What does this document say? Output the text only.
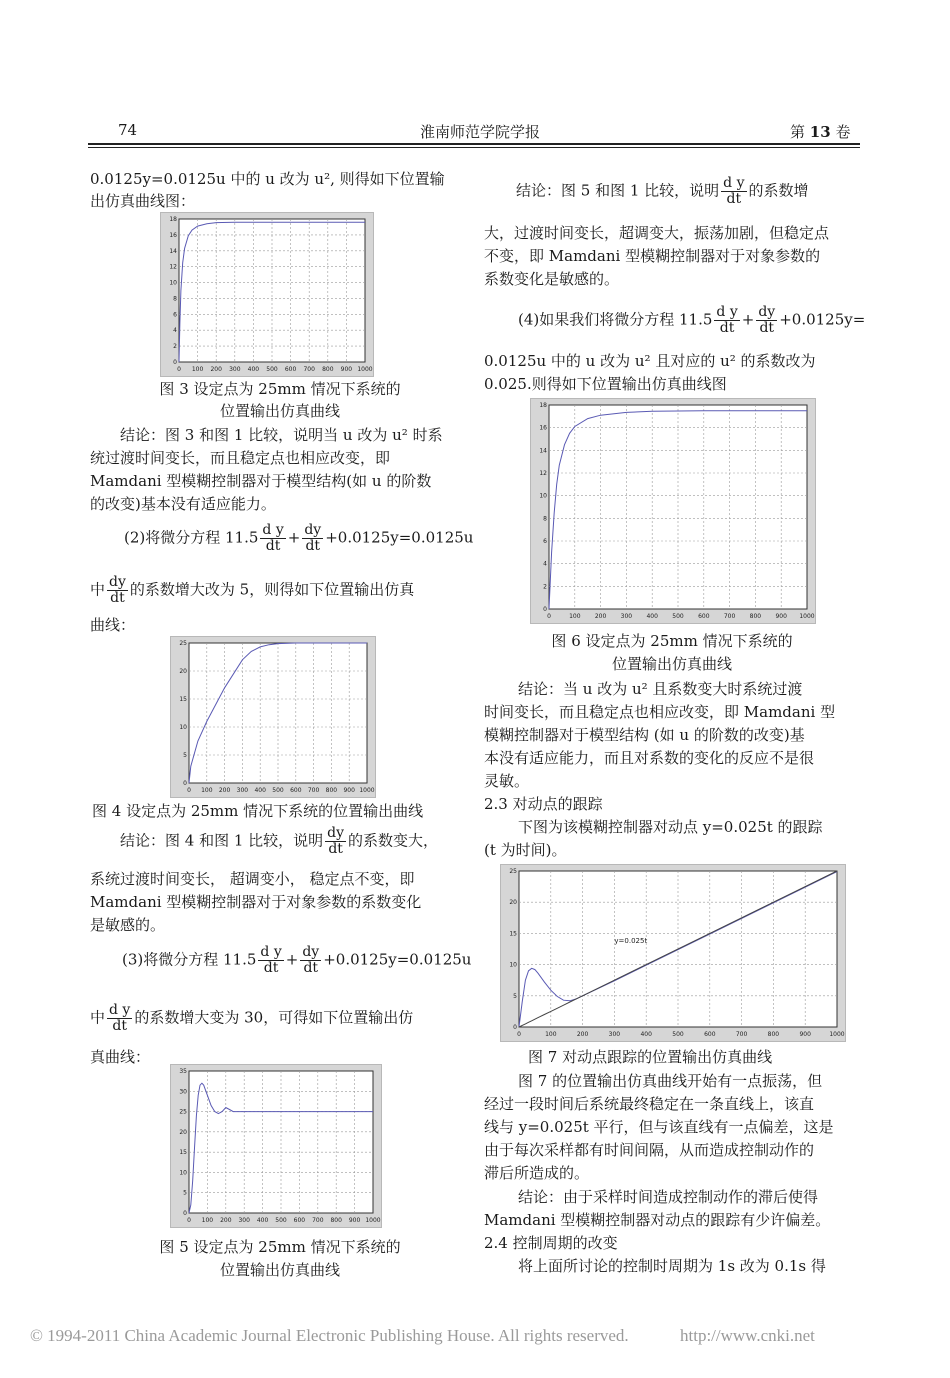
74	淮南师范学院学报	第 13 卷
0.0125y=0.0125u 中的 u 改为 u², 则得如下位置输
出仿真曲线图：
0 100 200 300 400 500 600 700 800 900 1000
0
2
4
6
8
10
12
14
16
18
图 3 设定点为 25mm 情况下系统的
位置输出仿真曲线
结论：图 3 和图 1 比较，说明当 u 改为 u² 时系
统过渡时间变长，而且稳定点也相应改变，即
Mamdani 型模糊控制器对于模型结构(如 u 的阶数
的改变)基本没有适应能力。
(2)将微分方程 $11.5 \frac{\text{d y}}{dt} + \frac{dy}{dt} +0.0125y=0.0125u$
中 $\frac{dy}{dt}$ 的系数增大改为 5，则得如下位置输出仿真
曲线：
0 100 200 300 400 500 600 700 800 900 1000
0
5
10
15
20
25
图 4 设定点为 25mm 情况下系统的位置输出曲线
结论：图 4 和图 1 比较，说明 $\frac{dy}{dt}$ 的系数变大，
系统过渡时间变长， 超调变小， 稳定点不变，即
Mamdani 型模糊控制器对于对象参数的系数变化
是敏感的。
(3)将微分方程 $11.5 \frac{\text{d y}}{dt} + \frac{dy}{dt} +0.0125y=0.0125u$
中 $\frac{\text{d y}}{dt}$ 的系数增大变为 30，可得如下位置输出仿
真曲线：
0 100 200 300 400 500 600 700 800 900 1000
0
5
10
15
20
25
30
35
图 5 设定点为 25mm 情况下系统的
位置输出仿真曲线
结论：图 5 和图 1 比较，说明 $\frac{\text{d y}}{dt}$ 的系数增
大，过渡时间变长，超调变大，振荡加剧，但稳定点
不变，即 Mamdani 型模糊控制器对于对象参数的
系数变化是敏感的。
(4)如果我们将微分方程 $11.5 \frac{\text{d y}}{dt} + \frac{dy}{dt} +0.0125y=$
0.0125u 中的 u 改为 u² 且对应的 u² 的系数改为
0.025.则得如下位置输出仿真曲线图
0	100 200 300 400 500 600 700 800 900 1000
0
2
4
6
8
10
12
14
16
18
图 6 设定点为 25mm 情况下系统的
位置输出仿真曲线
结论：当 u 改为 u² 且系数变大时系统过渡
时间变长，而且稳定点也相应改变，即 Mamdani 型
模糊控制器对于模型结构 (如 u 的阶数的改变)基
本没有适应能力，而且对系数的变化的反应不是很
灵敏。
2.3 对动点的跟踪
下图为该模糊控制器对动点 y=0.025t 的跟踪
(t 为时间)。
0	100	200	300	400	500	600	700	800	900	1000
0
5
10
15
20
25
y=0.025t
图 7 对动点跟踪的位置输出仿真曲线
图 7 的位置输出仿真曲线开始有一点振荡，但
经过一段时间后系统最终稳定在一条直线上，该直
线与 y=0.025t 平行，但与该直线有一点偏差，这是
由于每次采样都有时间间隔，从而造成控制动作的
滞后所造成的。
结论：由于采样时间造成控制动作的滞后使得
Mamdani 型模糊控制器对动点的跟踪有少许偏差。
2.4 控制周期的改变
将上面所讨论的控制时周期为 1s 改为 0.1s 得
© 1994-2011 China Academic Journal Electronic Publishing House. All rights reserved.	http://www.cnki.net
